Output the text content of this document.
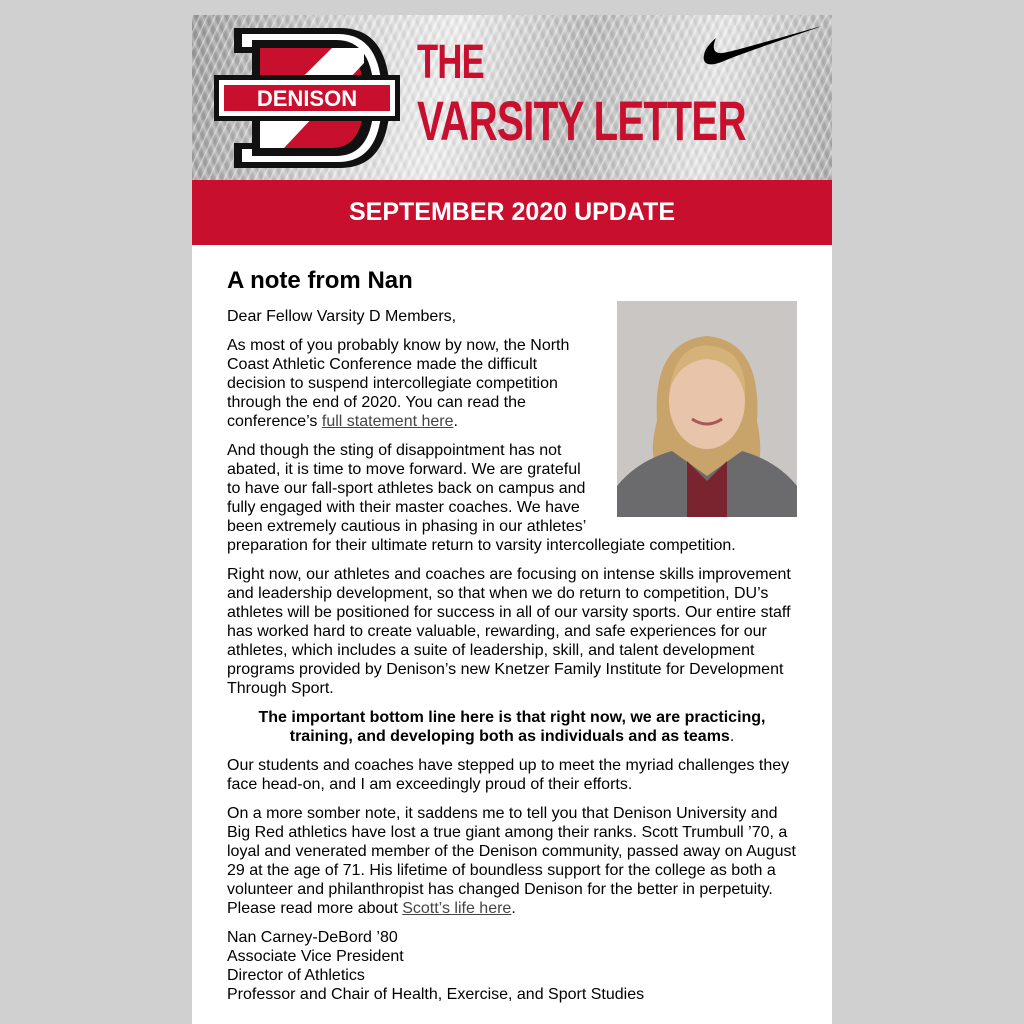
DENISON
THE
VARSITY LETTER
SEPTEMBER 2020 UPDATE
A note from Nan

Dear Fellow Varsity D Members,

As most of you probably know by now, the North Coast Athletic Conference made the difficult decision to suspend intercollegiate competition through the end of 2020. You can read the conference’s full statement here.

And though the sting of disappointment has not abated, it is time to move forward. We are grateful to have our fall-sport athletes back on campus and fully engaged with their master coaches. We have been extremely cautious in phasing in our athletes’ preparation for their ultimate return to varsity intercollegiate competition.

Right now, our athletes and coaches are focusing on intense skills improvement and leadership development, so that when we do return to competition, DU’s athletes will be positioned for success in all of our varsity sports. Our entire staff has worked hard to create valuable, rewarding, and safe experiences for our athletes, which includes a suite of leadership, skill, and talent development programs provided by Denison’s new Knetzer Family Institute for Development Through Sport.

The important bottom line here is that right now, we are practicing, training, and developing both as individuals and as teams.

Our students and coaches have stepped up to meet the myriad challenges they face head-on, and I am exceedingly proud of their efforts.

On a more somber note, it saddens me to tell you that Denison University and Big Red athletics have lost a true giant among their ranks. Scott Trumbull ’70, a loyal and venerated member of the Denison community, passed away on August 29 at the age of 71. His lifetime of boundless support for the college as both a volunteer and philanthropist has changed Denison for the better in perpetuity. Please read more about Scott’s life here.

Nan Carney-DeBord ’80

Associate Vice President

Director of Athletics

Professor and Chair of Health, Exercise, and Sport Studies
